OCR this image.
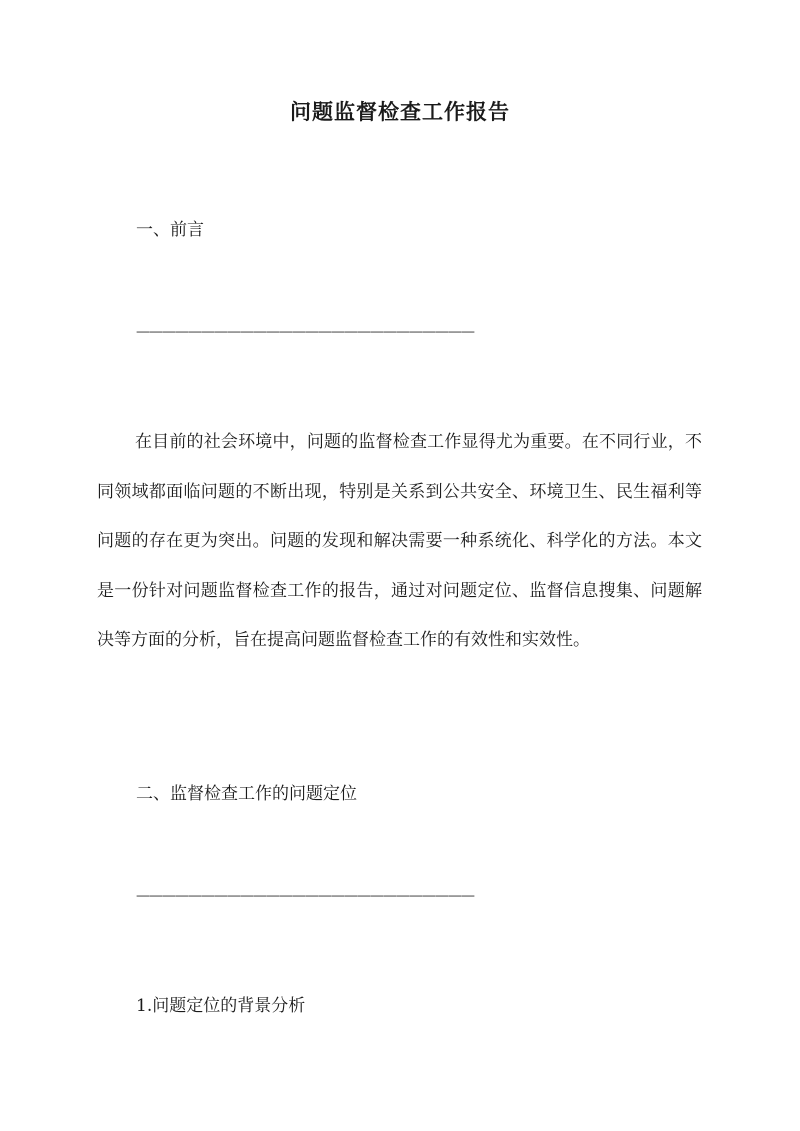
问题监督检查工作报告
一、前言
——————————————————————————

在目前的社会环境中，问题的监督检查工作显得尤为重要。在不同行业，不同领域都面临问题的不断出现，特别是关系到公共安全、环境卫生、民生福利等问题的存在更为突出。问题的发现和解决需要一种系统化、科学化的方法。本文是一份针对问题监督检查工作的报告，通过对问题定位、监督信息搜集、问题解决等方面的分析，旨在提高问题监督检查工作的有效性和实效性。

二、监督检查工作的问题定位
——————————————————————————
1.问题定位的背景分析
